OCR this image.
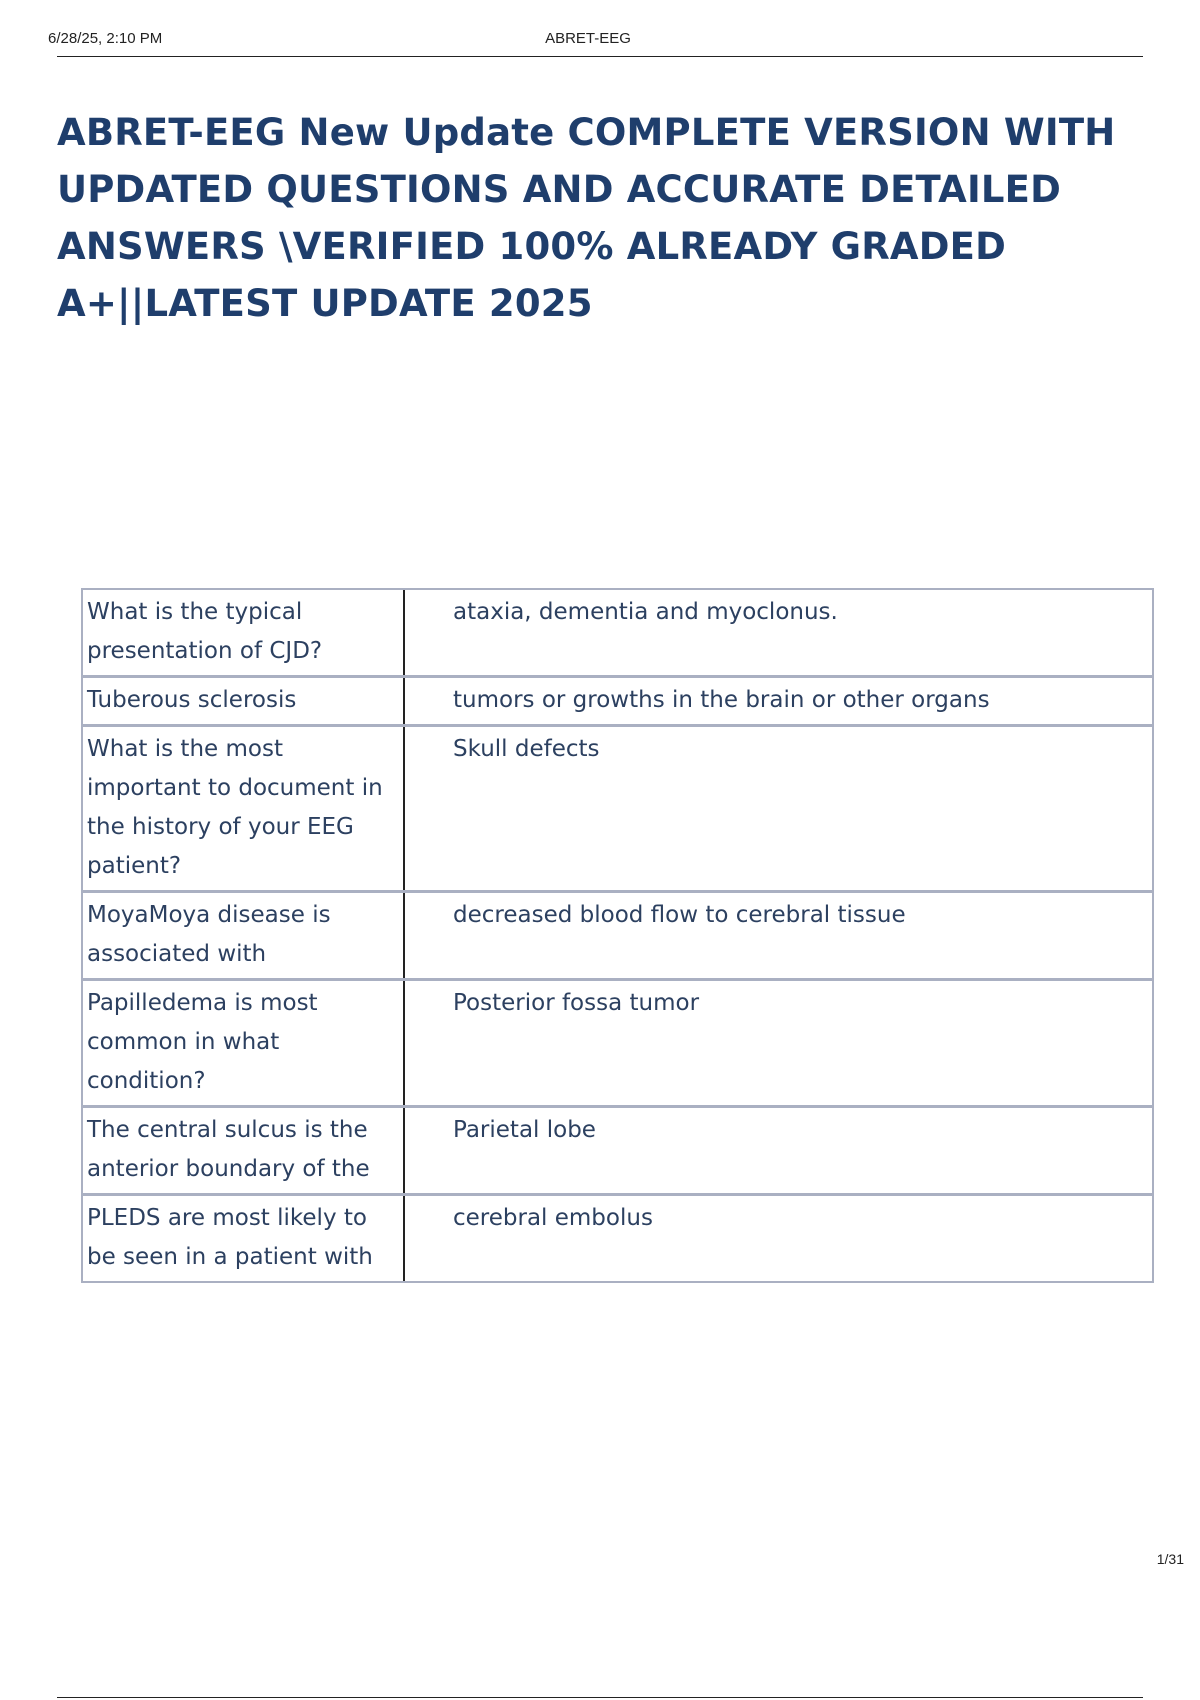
6/28/25, 2:10 PM	ABRET-EEG
ABRET-EEG New Update COMPLETE VERSION WITH UPDATED QUESTIONS AND ACCURATE DETAILED ANSWERS \VERIFIED 100% ALREADY GRADED A+||LATEST UPDATE 2025
What is the typical presentation of CJD?	ataxia, dementia and myoclonus.

Tuberous sclerosis	tumors or growths in the brain or other organs

What is the most important to document in the history of your EEG patient?	Skull defects

MoyaMoya disease is associated with	decreased blood flow to cerebral tissue

Papilledema is most common in what condition?	Posterior fossa tumor

The central sulcus is the anterior boundary of the	Parietal lobe

PLEDS are most likely to be seen in a patient with	cerebral embolus
1/31
